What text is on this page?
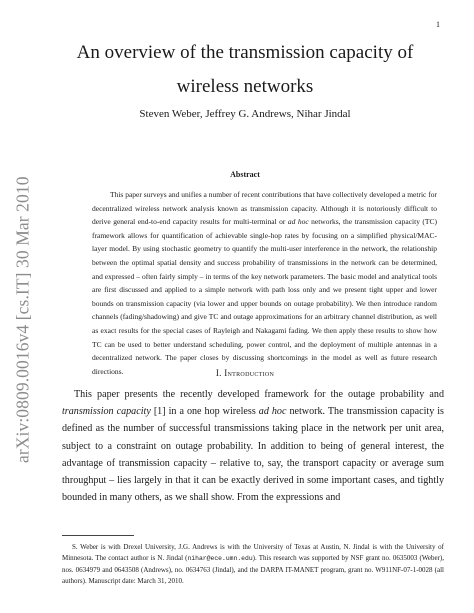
1
arXiv:0809.0016v4 [cs.IT] 30 Mar 2010
An overview of the transmission capacity of
wireless networks
Steven Weber, Jeffrey G. Andrews, Nihar Jindal
Abstract
This paper surveys and unifies a number of recent contributions that have collectively developed a metric for decentralized wireless network analysis known as transmission capacity. Although it is notoriously difficult to derive general end-to-end capacity results for multi-terminal or ad hoc networks, the transmission capacity (TC) framework allows for quantification of achievable single-hop rates by focusing on a simplified physical/MAC-layer model. By using stochastic geometry to quantify the multi-user interference in the network, the relationship between the optimal spatial density and success probability of transmissions in the network can be determined, and expressed – often fairly simply – in terms of the key network parameters. The basic model and analytical tools are first discussed and applied to a simple network with path loss only and we present tight upper and lower bounds on transmission capacity (via lower and upper bounds on outage probability). We then introduce random channels (fading/shadowing) and give TC and outage approximations for an arbitrary channel distribution, as well as exact results for the special cases of Rayleigh and Nakagami fading. We then apply these results to show how TC can be used to better understand scheduling, power control, and the deployment of multiple antennas in a decentralized network. The paper closes by discussing shortcomings in the model as well as future research directions.	I. Introduction
This paper presents the recently developed framework for the outage probability and transmission capacity [1] in a one hop wireless ad hoc network. The transmission capacity is defined as the number of successful transmissions taking place in the network per unit area, subject to a constraint on outage probability. In addition to being of general interest, the advantage of transmission capacity – relative to, say, the transport capacity or average sum throughput – lies largely in that it can be exactly derived in some important cases, and tightly bounded in many others, as we shall show. From the expressions and
S. Weber is with Drexel University, J.G. Andrews is with the University of Texas at Austin, N. Jindal is with the University of Minnesota. The contact author is N. Jindal (nihar@ece.umn.edu). This research was supported by NSF grant no. 0635003 (Weber), nos. 0634979 and 0643508 (Andrews), no. 0634763 (Jindal), and the DARPA IT-MANET program, grant no. W911NF-07-1-0028 (all authors). Manuscript date: March 31, 2010.
